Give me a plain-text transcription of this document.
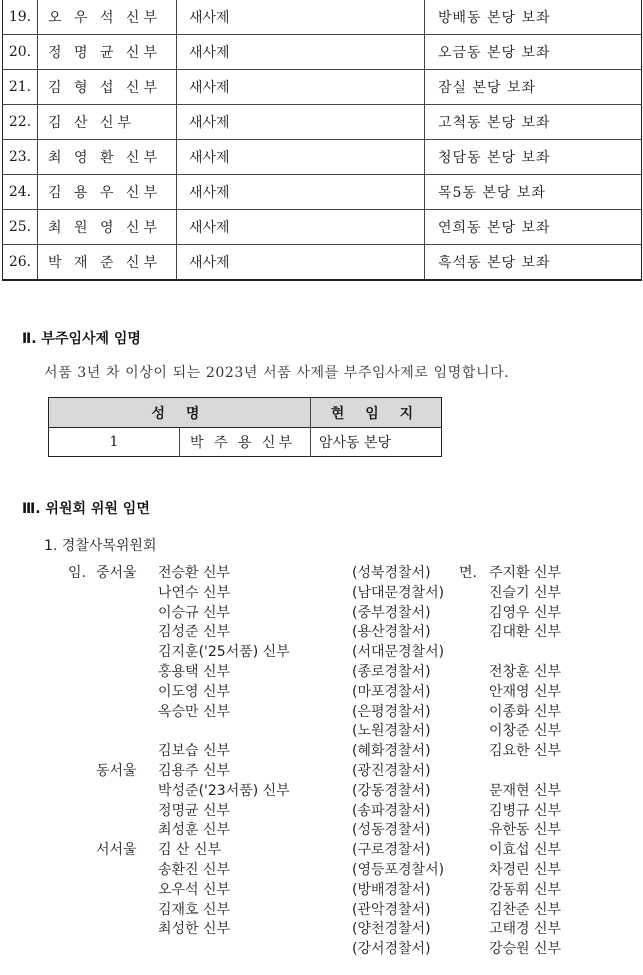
19.	오 우 석 신부	새사제	방배동 본당 보좌
20.	정 명 균 신부	새사제	오금동 본당 보좌
21.	김 형 섭 신부	새사제	잠실 본당 보좌
22.	김 산 신부	새사제	고척동 본당 보좌
23.	최 영 환 신부	새사제	청담동 본당 보좌
24.	김 용 우 신부	새사제	목5동 본당 보좌
25.	최 원 영 신부	새사제	연희동 본당 보좌
26.	박 재 준 신부	새사제	흑석동 본당 보좌
Ⅱ. 부주임사제 임명
서품 3년 차 이상이 되는 2023년 서품 사제를 부주임사제로 임명합니다.
성 명		현 임 지
1	박 주 용 신부	암사동 본당
Ⅲ. 위원회 위원 임면
1. 경찰사목위원회
임. 중서울 전승환 신부	(성북경찰서) 면. 주지환 신부
나연수 신부	(남대문경찰서)	진슬기 신부
이승규 신부	(중부경찰서)	김영우 신부
김성준 신부	(용산경찰서)	김대환 신부
김지훈('25서품) 신부	(서대문경찰서)
홍용택 신부	(종로경찰서)	전창훈 신부
이도영 신부	(마포경찰서)	안재영 신부
옥승만 신부	(은평경찰서)	이종화 신부
(노원경찰서)	이창준 신부
김보습 신부	(혜화경찰서)	김요한 신부
동서울 김용주 신부	(광진경찰서)
박성준('23서품) 신부	(강동경찰서)	문재현 신부
정명균 신부	(송파경찰서)	김병규 신부
최성훈 신부	(성동경찰서)	유한동 신부
서서울 김 산 신부	(구로경찰서)	이효섭 신부
송환진 신부	(영등포경찰서)	차경린 신부
오우석 신부	(방배경찰서)	강동휘 신부
김재호 신부	(관악경찰서)	김찬준 신부
최성한 신부	(양천경찰서)	고태경 신부
(강서경찰서)	강승원 신부
